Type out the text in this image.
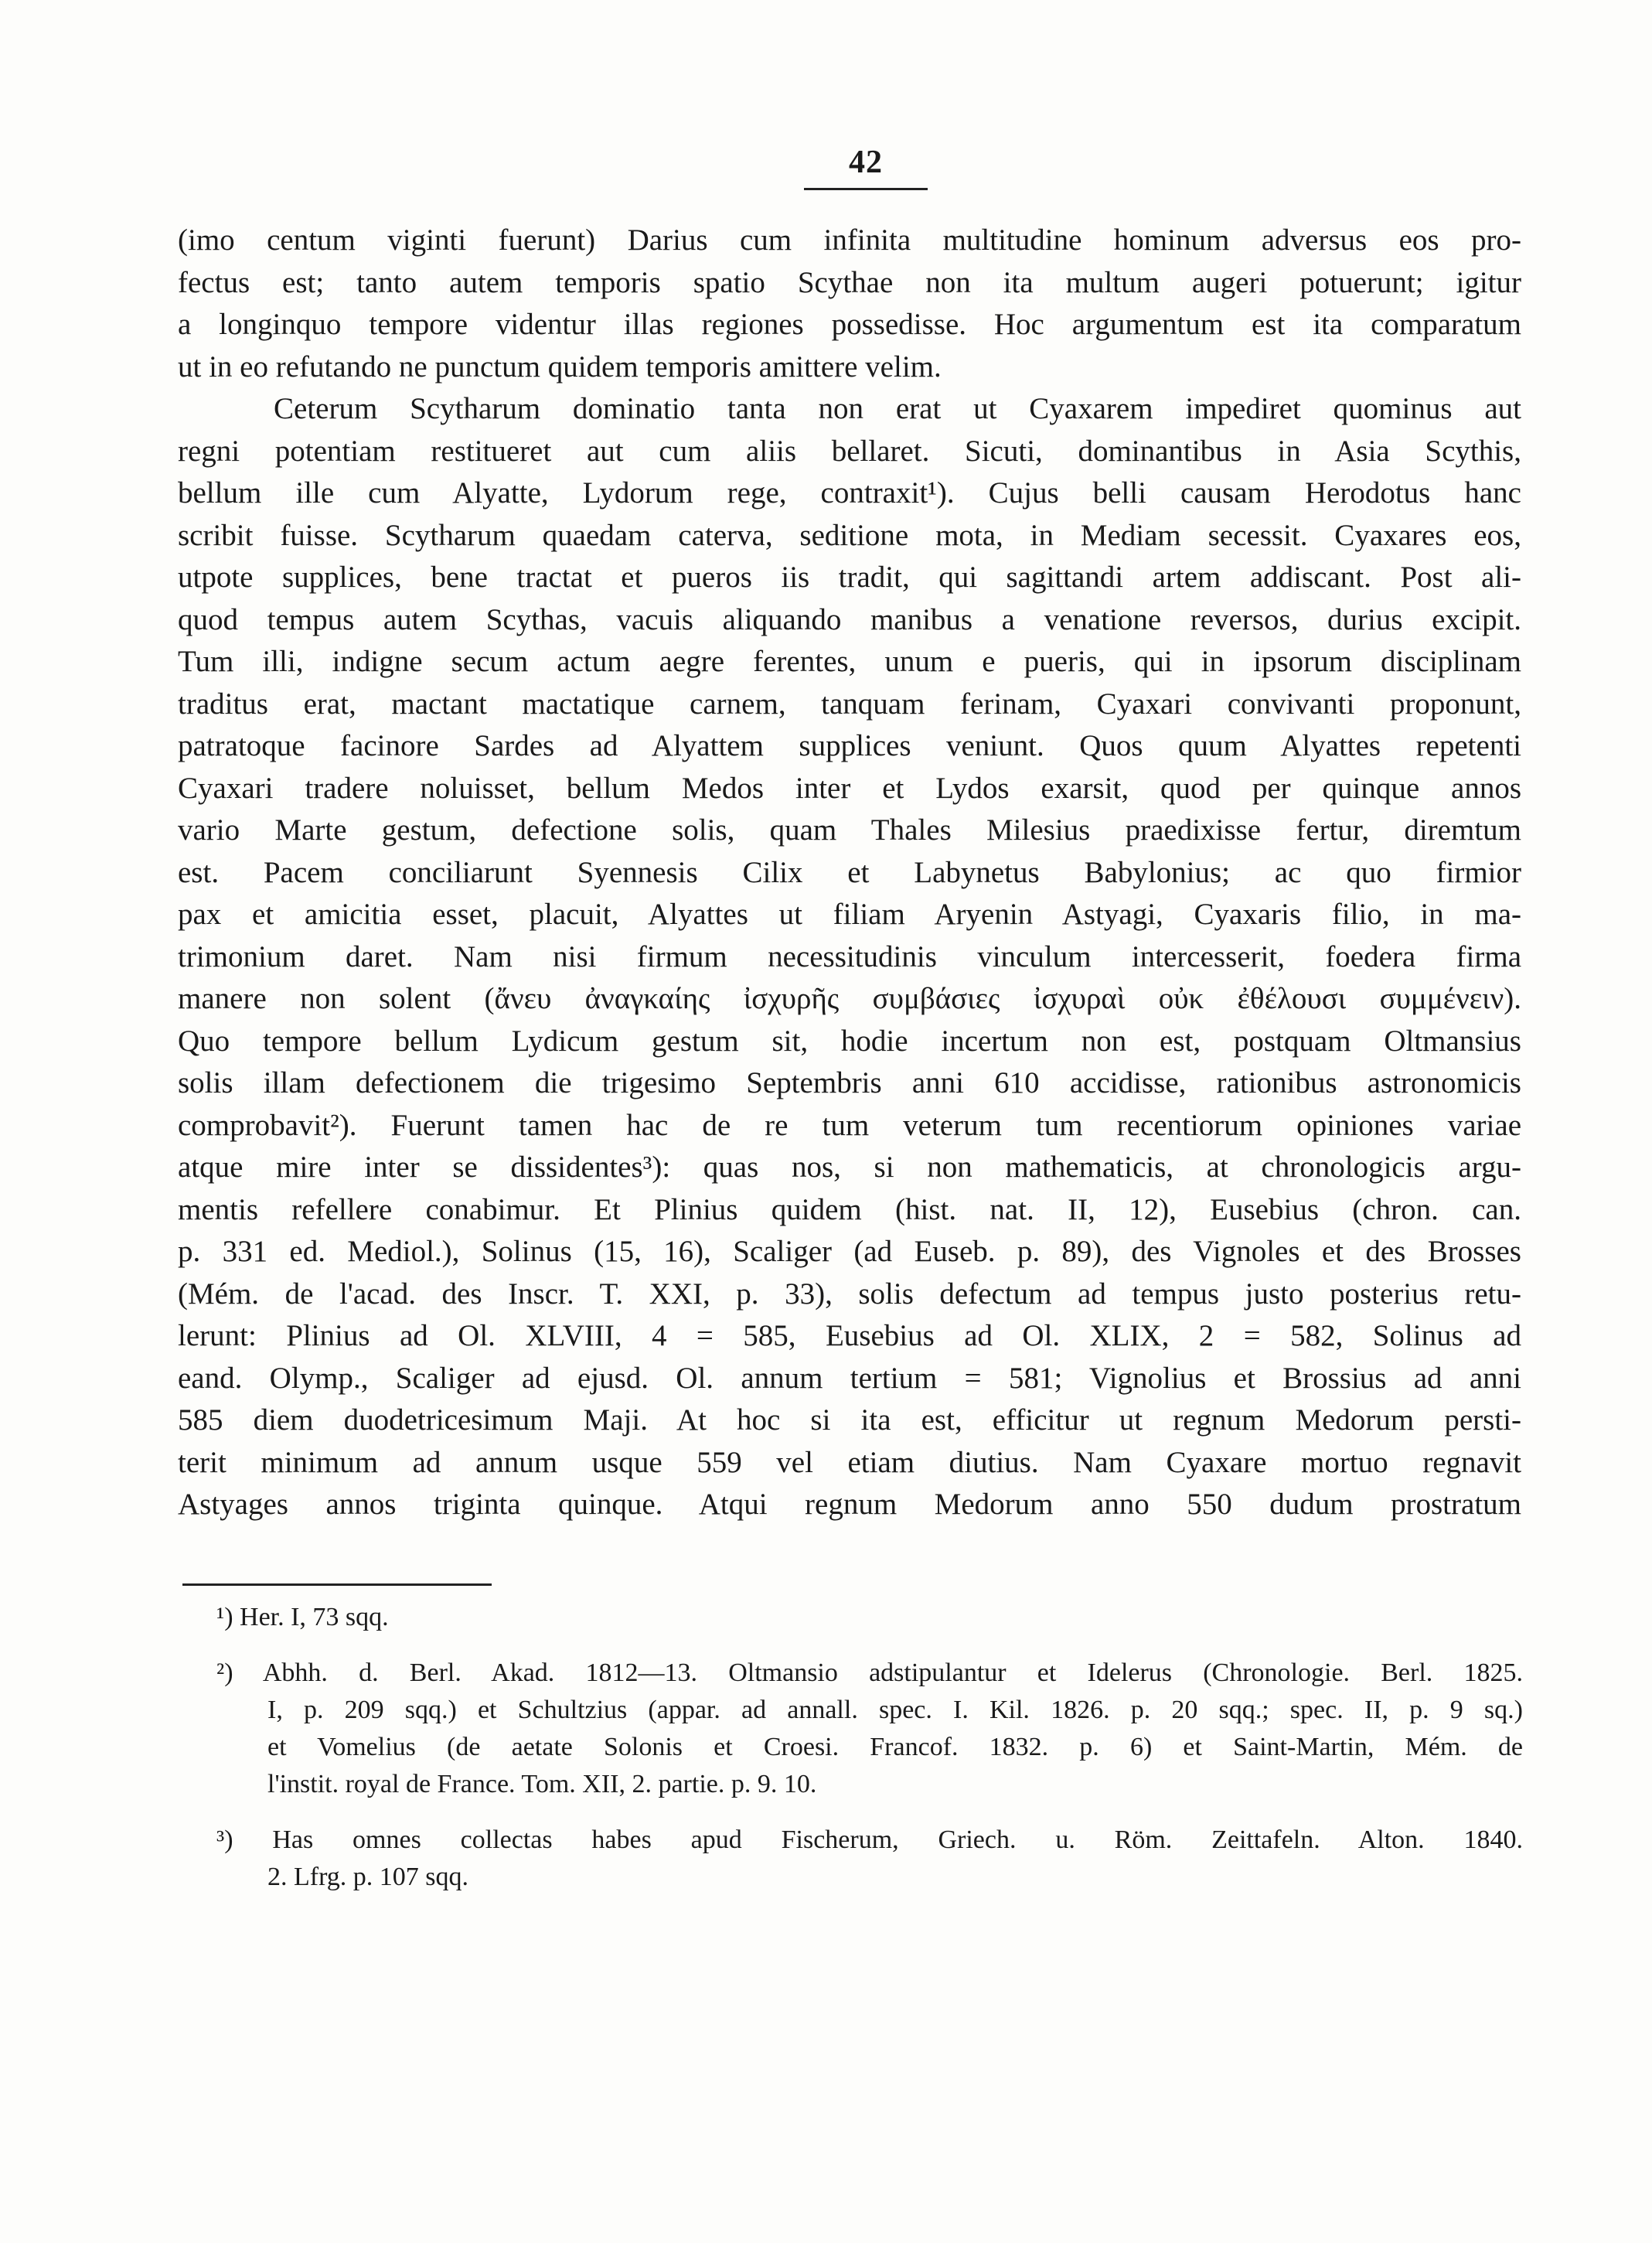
42
(imo centum viginti fuerunt) Darius cum infinita multitudine hominum adversus eos pro-
fectus est; tanto autem temporis spatio Scythae non ita multum augeri potuerunt; igitur
a longinquo tempore videntur illas regiones possedisse. Hoc argumentum est ita comparatum
ut in eo refutando ne punctum quidem temporis amittere velim.
Ceterum Scytharum dominatio tanta non erat ut Cyaxarem impediret quominus aut
regni potentiam restitueret aut cum aliis bellaret. Sicuti, dominantibus in Asia Scythis,
bellum ille cum Alyatte, Lydorum rege, contraxit¹). Cujus belli causam Herodotus hanc
scribit fuisse. Scytharum quaedam caterva, seditione mota, in Mediam secessit. Cyaxares eos,
utpote supplices, bene tractat et pueros iis tradit, qui sagittandi artem addiscant. Post ali-
quod tempus autem Scythas, vacuis aliquando manibus a venatione reversos, durius excipit.
Tum illi, indigne secum actum aegre ferentes, unum e pueris, qui in ipsorum disciplinam
traditus erat, mactant mactatique carnem, tanquam ferinam, Cyaxari convivanti proponunt,
patratoque facinore Sardes ad Alyattem supplices veniunt. Quos quum Alyattes repetenti
Cyaxari tradere noluisset, bellum Medos inter et Lydos exarsit, quod per quinque annos
vario Marte gestum, defectione solis, quam Thales Milesius praedixisse fertur, diremtum
est. Pacem conciliarunt Syennesis Cilix et Labynetus Babylonius; ac quo firmior
pax et amicitia esset, placuit, Alyattes ut filiam Aryenin Astyagi, Cyaxaris filio, in ma-
trimonium daret. Nam nisi firmum necessitudinis vinculum intercesserit, foedera firma
manere non solent (ἄνευ ἀναγκαίης ἰσχυρῆς συμβάσιες ἰσχυραὶ οὐκ ἐθέλουσι συμμένειν).
Quo tempore bellum Lydicum gestum sit, hodie incertum non est, postquam Oltmansius
solis illam defectionem die trigesimo Septembris anni 610 accidisse, rationibus astronomicis
comprobavit²). Fuerunt tamen hac de re tum veterum tum recentiorum opiniones variae
atque mire inter se dissidentes³): quas nos, si non mathematicis, at chronologicis argu-
mentis refellere conabimur. Et Plinius quidem (hist. nat. II, 12), Eusebius (chron. can.
p. 331 ed. Mediol.), Solinus (15, 16), Scaliger (ad Euseb. p. 89), des Vignoles et des Brosses
(Mém. de l'acad. des Inscr. T. XXI, p. 33), solis defectum ad tempus justo posterius retu-
lerunt: Plinius ad Ol. XLVIII, 4 = 585, Eusebius ad Ol. XLIX, 2 = 582, Solinus ad
eand. Olymp., Scaliger ad ejusd. Ol. annum tertium = 581; Vignolius et Brossius ad anni
585 diem duodetricesimum Maji. At hoc si ita est, efficitur ut regnum Medorum persti-
terit minimum ad annum usque 559 vel etiam diutius. Nam Cyaxare mortuo regnavit
Astyages annos triginta quinque. Atqui regnum Medorum anno 550 dudum prostratum
¹) Her. I, 73 sqq.
²) Abhh. d. Berl. Akad. 1812—13. Oltmansio adstipulantur et Idelerus (Chronologie. Berl. 1825.
I, p. 209 sqq.) et Schultzius (appar. ad annall. spec. I. Kil. 1826. p. 20 sqq.; spec. II, p. 9 sq.)
et Vomelius (de aetate Solonis et Croesi. Francof. 1832. p. 6) et Saint-Martin, Mém. de
l'instit. royal de France. Tom. XII, 2. partie. p. 9. 10.
³) Has omnes collectas habes apud Fischerum, Griech. u. Röm. Zeittafeln. Alton. 1840.
2. Lfrg. p. 107 sqq.
